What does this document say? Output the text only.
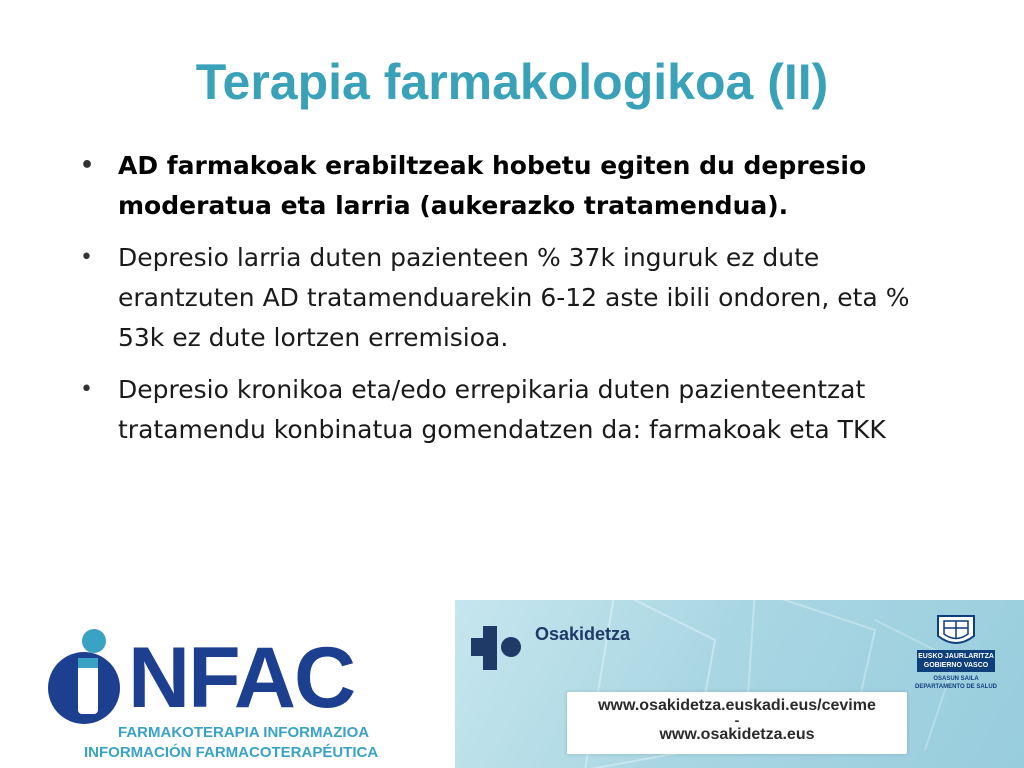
Terapia farmakologikoa (II)
• AD farmakoak erabiltzeak hobetu egiten du depresio moderatua eta larria (aukerazko tratamendua).
• Depresio larria duten pazienteen % 37k inguruk ez dute erantzuten AD tratamenduarekin 6-12 aste ibili ondoren, eta % 53k ez dute lortzen erremisioa.
• Depresio kronikoa eta/edo errepikaria duten pazienteentzat tratamendu konbinatua gomendatzen da: farmakoak eta TKK
NFAC
FARMAKOTERAPIA INFORMAZIOA
INFORMACIÓN FARMACOTERAPÉUTICA
Osakidetza
www.osakidetza.euskadi.eus/cevime
-
www.osakidetza.eus
EUSKO JAURLARITZA
GOBIERNO VASCO
OSASUN SAILA
DEPARTAMENTO DE SALUD
